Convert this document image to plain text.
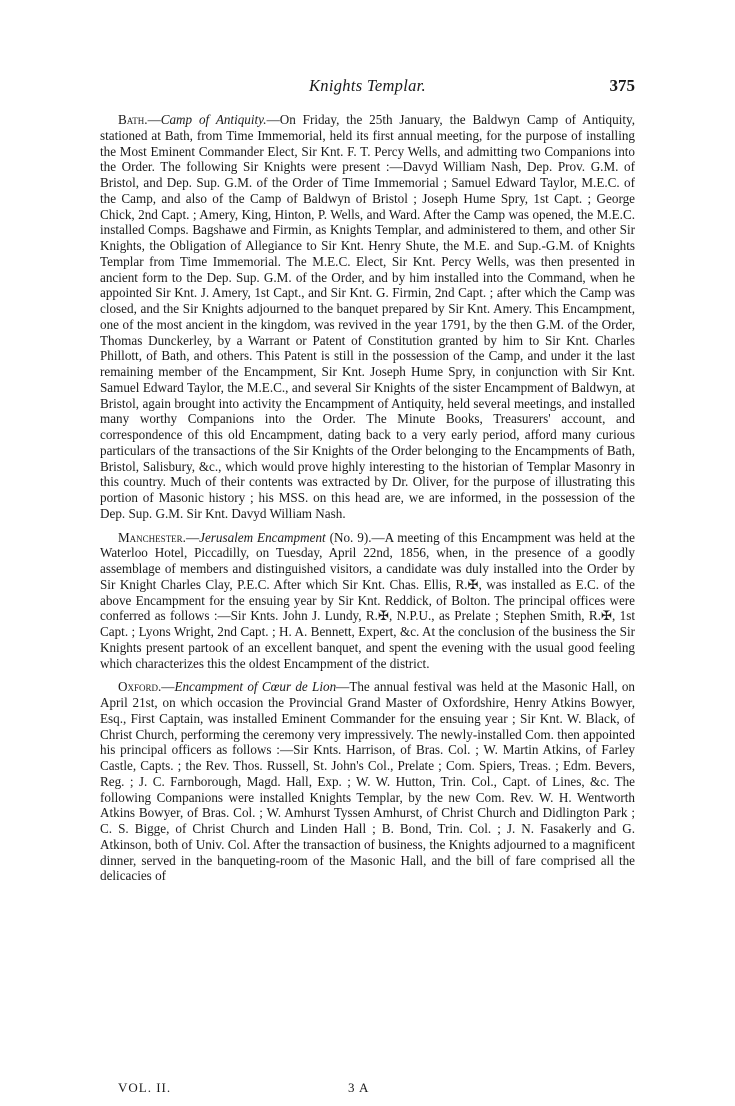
Knights Templar.	375

Bath.—Camp of Antiquity.—On Friday, the 25th January, the Baldwyn Camp of Antiquity, stationed at Bath, from Time Immemorial, held its first annual meeting, for the purpose of installing the Most Eminent Commander Elect, Sir Knt. F. T. Percy Wells, and admitting two Companions into the Order. The following Sir Knights were present :—Davyd William Nash, Dep. Prov. G.M. of Bristol, and Dep. Sup. G.M. of the Order of Time Immemorial ; Samuel Edward Taylor, M.E.C. of the Camp, and also of the Camp of Baldwyn of Bristol ; Joseph Hume Spry, 1st Capt. ; George Chick, 2nd Capt. ; Amery, King, Hinton, P. Wells, and Ward. After the Camp was opened, the M.E.C. installed Comps. Bagshawe and Firmin, as Knights Templar, and administered to them, and other Sir Knights, the Obligation of Allegiance to Sir Knt. Henry Shute, the M.E. and Sup.-G.M. of Knights Templar from Time Immemorial. The M.E.C. Elect, Sir Knt. Percy Wells, was then presented in ancient form to the Dep. Sup. G.M. of the Order, and by him installed into the Command, when he appointed Sir Knt. J. Amery, 1st Capt., and Sir Knt. G. Firmin, 2nd Capt. ; after which the Camp was closed, and the Sir Knights adjourned to the banquet prepared by Sir Knt. Amery. This Encampment, one of the most ancient in the kingdom, was revived in the year 1791, by the then G.M. of the Order, Thomas Dunckerley, by a Warrant or Patent of Constitution granted by him to Sir Knt. Charles Phillott, of Bath, and others. This Patent is still in the possession of the Camp, and under it the last remaining member of the Encampment, Sir Knt. Joseph Hume Spry, in conjunction with Sir Knt. Samuel Edward Taylor, the M.E.C., and several Sir Knights of the sister Encampment of Baldwyn, at Bristol, again brought into activity the Encampment of Antiquity, held several meetings, and installed many worthy Companions into the Order. The Minute Books, Treasurers' account, and correspondence of this old Encampment, dating back to a very early period, afford many curious particulars of the transactions of the Sir Knights of the Order belonging to the Encampments of Bath, Bristol, Salisbury, &c., which would prove highly interesting to the historian of Templar Masonry in this country. Much of their contents was extracted by Dr. Oliver, for the purpose of illustrating this portion of Masonic history ; his MSS. on this head are, we are informed, in the possession of the Dep. Sup. G.M. Sir Knt. Davyd William Nash.

Manchester.—Jerusalem Encampment (No. 9).—A meeting of this Encampment was held at the Waterloo Hotel, Piccadilly, on Tuesday, April 22nd, 1856, when, in the presence of a goodly assemblage of members and distinguished visitors, a candidate was duly installed into the Order by Sir Knight Charles Clay, P.E.C. After which Sir Knt. Chas. Ellis, R.✠, was installed as E.C. of the above Encampment for the ensuing year by Sir Knt. Reddick, of Bolton. The principal offices were conferred as follows :—Sir Knts. John J. Lundy, R.✠, N.P.U., as Prelate ; Stephen Smith, R.✠, 1st Capt. ; Lyons Wright, 2nd Capt. ; H. A. Bennett, Expert, &c. At the conclusion of the business the Sir Knights present partook of an excellent banquet, and spent the evening with the usual good feeling which characterizes this the oldest Encampment of the district.

Oxford.—Encampment of Cœur de Lion—The annual festival was held at the Masonic Hall, on April 21st, on which occasion the Provincial Grand Master of Oxfordshire, Henry Atkins Bowyer, Esq., First Captain, was installed Eminent Commander for the ensuing year ; Sir Knt. W. Black, of Christ Church, performing the ceremony very impressively. The newly-installed Com. then appointed his principal officers as follows :—Sir Knts. Harrison, of Bras. Col. ; W. Martin Atkins, of Farley Castle, Capts. ; the Rev. Thos. Russell, St. John's Col., Prelate ; Com. Spiers, Treas. ; Edm. Bevers, Reg. ; J. C. Farnborough, Magd. Hall, Exp. ; W. W. Hutton, Trin. Col., Capt. of Lines, &c. The following Companions were installed Knights Templar, by the new Com. Rev. W. H. Wentworth Atkins Bowyer, of Bras. Col. ; W. Amhurst Tyssen Amhurst, of Christ Church and Didlington Park ; C. S. Bigge, of Christ Church and Linden Hall ; B. Bond, Trin. Col. ; J. N. Fasakerly and G. Atkinson, both of Univ. Col. After the transaction of business, the Knights adjourned to a magnificent dinner, served in the banqueting-room of the Masonic Hall, and the bill of fare comprised all the delicacies of

VOL. II.	3 A
